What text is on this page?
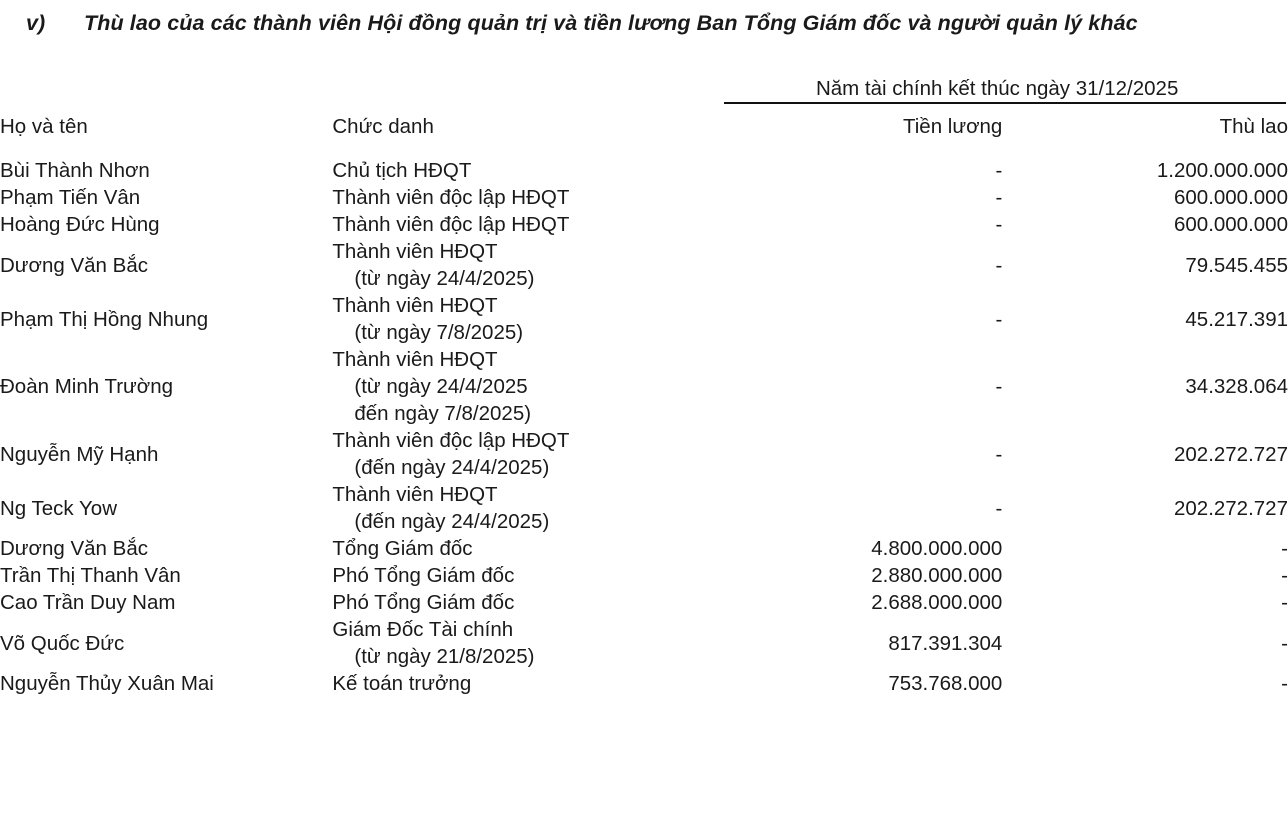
v)	Thù lao của các thành viên Hội đồng quản trị và tiền lương Ban Tổng Giám đốc và người quản lý khác
		Năm tài chính kết thúc ngày 31/12/2025	

Họ và tên	Chức danh	Tiền lương	Thù lao
Bùi Thành Nhơn	Chủ tịch HĐQT	-	1.200.000.000
Phạm Tiến Vân	Thành viên độc lập HĐQT	-	600.000.000
Hoàng Đức Hùng	Thành viên độc lập HĐQT	-	600.000.000
Dương Văn Bắc	Thành viên HĐQT
(từ ngày 24/4/2025)	-	79.545.455
Phạm Thị Hồng Nhung	Thành viên HĐQT
(từ ngày 7/8/2025)	-	45.217.391
Đoàn Minh Trường	Thành viên HĐQT
(từ ngày 24/4/2025
đến ngày 7/8/2025)	-	34.328.064
Nguyễn Mỹ Hạnh	Thành viên độc lập HĐQT
(đến ngày 24/4/2025)	-	202.272.727
Ng Teck Yow	Thành viên HĐQT
(đến ngày 24/4/2025)	-	202.272.727
Dương Văn Bắc	Tổng Giám đốc	4.800.000.000	-
Trần Thị Thanh Vân	Phó Tổng Giám đốc	2.880.000.000	-
Cao Trần Duy Nam	Phó Tổng Giám đốc	2.688.000.000	-
Võ Quốc Đức	Giám Đốc Tài chính
(từ ngày 21/8/2025)	817.391.304	-
Nguyễn Thủy Xuân Mai	Kế toán trưởng	753.768.000	-
